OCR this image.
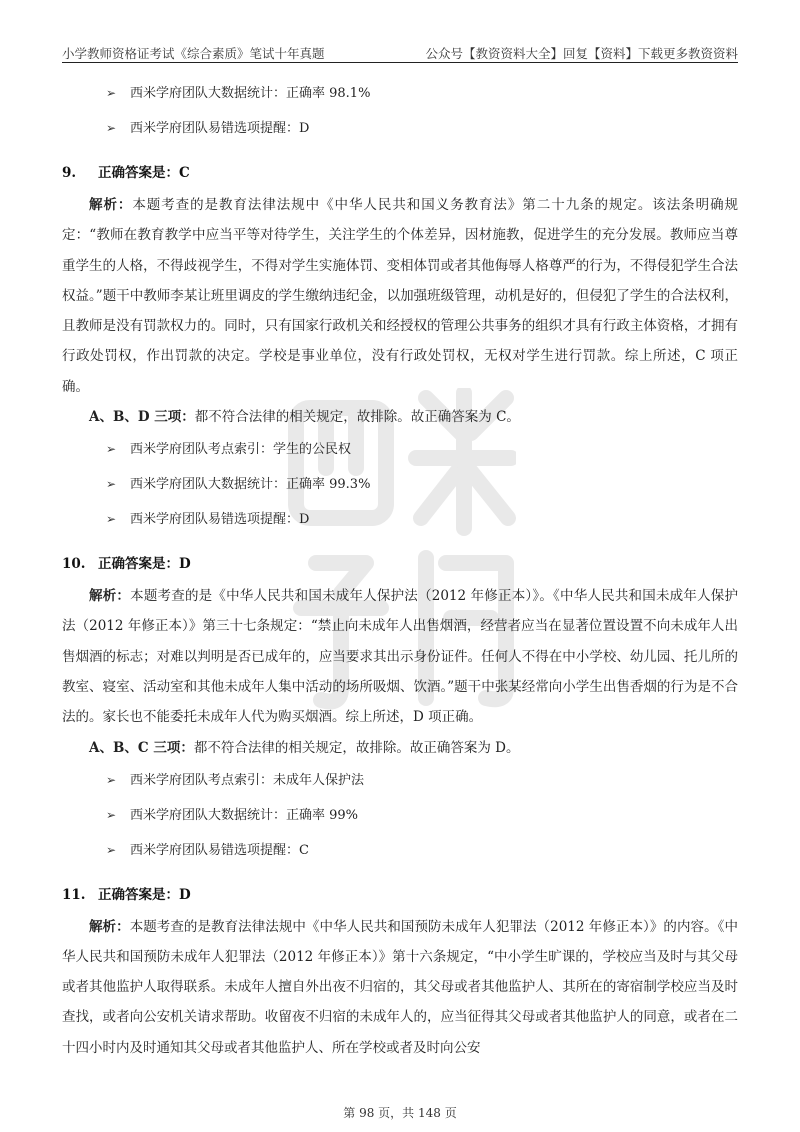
小学教师资格证考试《综合素质》笔试十年真题	公众号【教资资料大全】回复【资料】下载更多教资资料
➢ 西米学府团队大数据统计：正确率 98.1%
➢ 西米学府团队易错选项提醒：D
9. 正确答案是：C

解析：本题考查的是教育法律法规中《中华人民共和国义务教育法》第二十九条的规定。该法条明确规定：“教师在教育教学中应当平等对待学生，关注学生的个体差异，因材施教，促进学生的充分发展。教师应当尊重学生的人格，不得歧视学生，不得对学生实施体罚、变相体罚或者其他侮辱人格尊严的行为，不得侵犯学生合法权益。”题干中教师李某让班里调皮的学生缴纳违纪金，以加强班级管理，动机是好的，但侵犯了学生的合法权利，且教师是没有罚款权力的。同时，只有国家行政机关和经授权的管理公共事务的组织才具有行政主体资格，才拥有行政处罚权，作出罚款的决定。学校是事业单位，没有行政处罚权，无权对学生进行罚款。综上所述，C 项正确。

A、B、D 三项：都不符合法律的相关规定，故排除。故正确答案为 C。

➢ 西米学府团队考点索引：学生的公民权
➢ 西米学府团队大数据统计：正确率 99.3%
➢ 西米学府团队易错选项提醒：D
10. 正确答案是：D

解析：本题考查的是《中华人民共和国未成年人保护法（2012 年修正本）》。《中华人民共和国未成年人保护法（2012 年修正本）》第三十七条规定：“禁止向未成年人出售烟酒，经营者应当在显著位置设置不向未成年人出售烟酒的标志；对难以判明是否已成年的，应当要求其出示身份证件。任何人不得在中小学校、幼儿园、托儿所的教室、寝室、活动室和其他未成年人集中活动的场所吸烟、饮酒。”题干中张某经常向小学生出售香烟的行为是不合法的。家长也不能委托未成年人代为购买烟酒。综上所述，D 项正确。

A、B、C 三项：都不符合法律的相关规定，故排除。故正确答案为 D。

➢ 西米学府团队考点索引：未成年人保护法
➢ 西米学府团队大数据统计：正确率 99%
➢ 西米学府团队易错选项提醒：C
11. 正确答案是：D

解析：本题考查的是教育法律法规中《中华人民共和国预防未成年人犯罪法（2012 年修正本）》的内容。《中华人民共和国预防未成年人犯罪法（2012 年修正本）》第十六条规定，“中小学生旷课的，学校应当及时与其父母或者其他监护人取得联系。未成年人擅自外出夜不归宿的，其父母或者其他监护人、其所在的寄宿制学校应当及时查找，或者向公安机关请求帮助。收留夜不归宿的未成年人的，应当征得其父母或者其他监护人的同意，或者在二十四小时内及时通知其父母或者其他监护人、所在学校或者及时向公安

第 98 页，共 148 页
